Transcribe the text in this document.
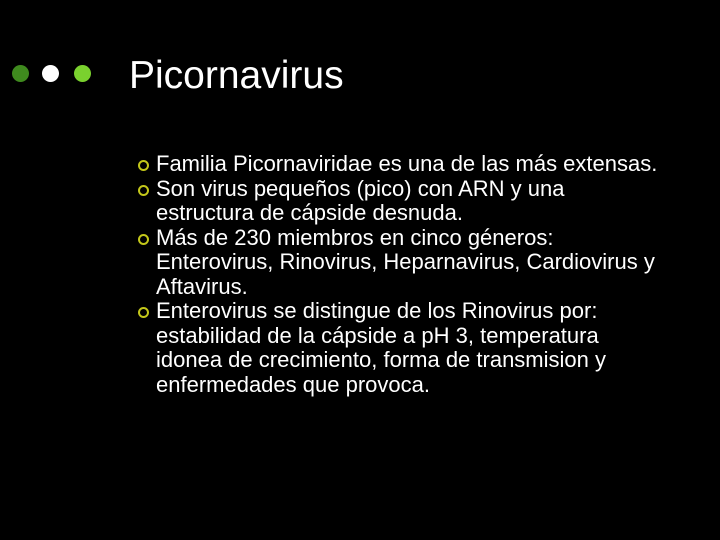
Picornavirus
Familia Picornaviridae es una de las más extensas.
Son virus pequeños (pico) con ARN y una estructura de cápside desnuda.
Más de 230 miembros en cinco géneros: Enterovirus, Rinovirus, Heparnavirus, Cardiovirus y Aftavirus.
Enterovirus se distingue de los Rinovirus por: estabilidad de la cápside a pH 3, temperatura idonea de crecimiento, forma de transmision y enfermedades que provoca.
